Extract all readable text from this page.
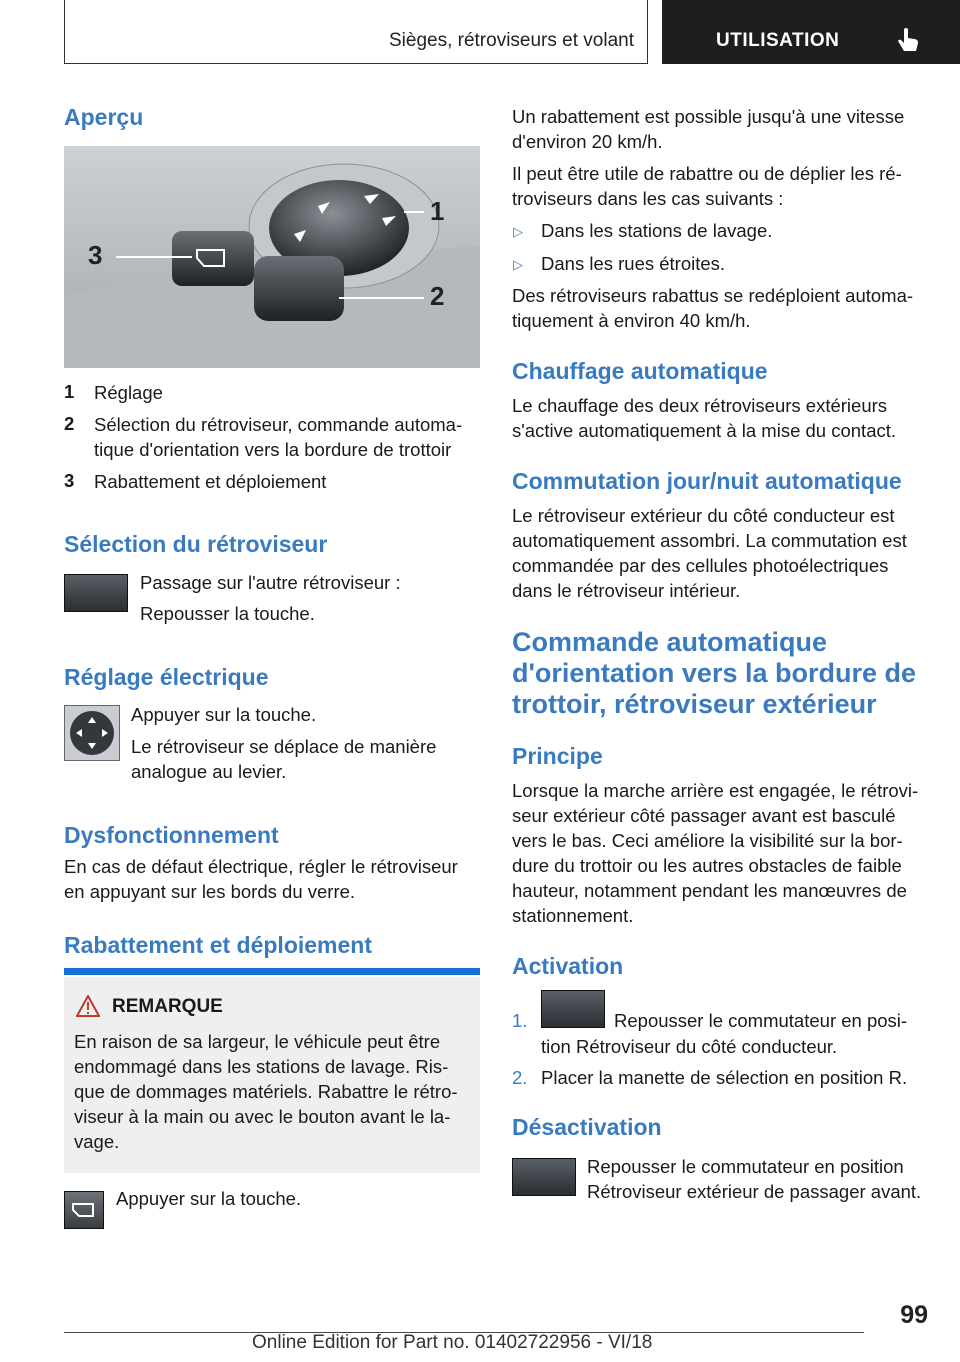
Sièges, rétroviseurs et volant	UTILISATION
Aperçu
1
2
3
1 Réglage
2 Sélection du rétroviseur, commande automa-
tique d'orientation vers la bordure de trottoir
3 Rabattement et déploiement
Sélection du rétroviseur
Passage sur l'autre rétroviseur :
Repousser la touche.
Réglage électrique
Appuyer sur la touche.
Le rétroviseur se déplace de manière
analogue au levier.
Dysfonctionnement
En cas de défaut électrique, régler le rétroviseur
en appuyant sur les bords du verre.
Rabattement et déploiement
REMARQUE
En raison de sa largeur, le véhicule peut être
endommagé dans les stations de lavage. Ris-
que de dommages matériels. Rabattre le rétro-
viseur à la main ou avec le bouton avant le la-
vage.
Appuyer sur la touche.
Un rabattement est possible jusqu'à une vitesse
d'environ 20 km/h.
Il peut être utile de rabattre ou de déplier les ré-
troviseurs dans les cas suivants :
▷ Dans les stations de lavage.
▷ Dans les rues étroites.
Des rétroviseurs rabattus se redéploient automa-
tiquement à environ 40 km/h.
Chauffage automatique
Le chauffage des deux rétroviseurs extérieurs
s'active automatiquement à la mise du contact.
Commutation jour/nuit automatique
Le rétroviseur extérieur du côté conducteur est
automatiquement assombri. La commutation est
commandée par des cellules photoélectriques
dans le rétroviseur intérieur.
Commande automatique
d'orientation vers la bordure de
trottoir, rétroviseur extérieur
Principe
Lorsque la marche arrière est engagée, le rétrovi-
seur extérieur côté passager avant est basculé
vers le bas. Ceci améliore la visibilité sur la bor-
dure du trottoir ou les autres obstacles de faible
hauteur, notamment pendant les manœuvres de
stationnement.
Activation
1.	Repousser le commutateur en posi-
tion Rétroviseur du côté conducteur.
2. Placer la manette de sélection en position R.
Désactivation
Repousser le commutateur en position
Rétroviseur extérieur de passager avant.
99
Online Edition for Part no. 01402722956 - VI/18
